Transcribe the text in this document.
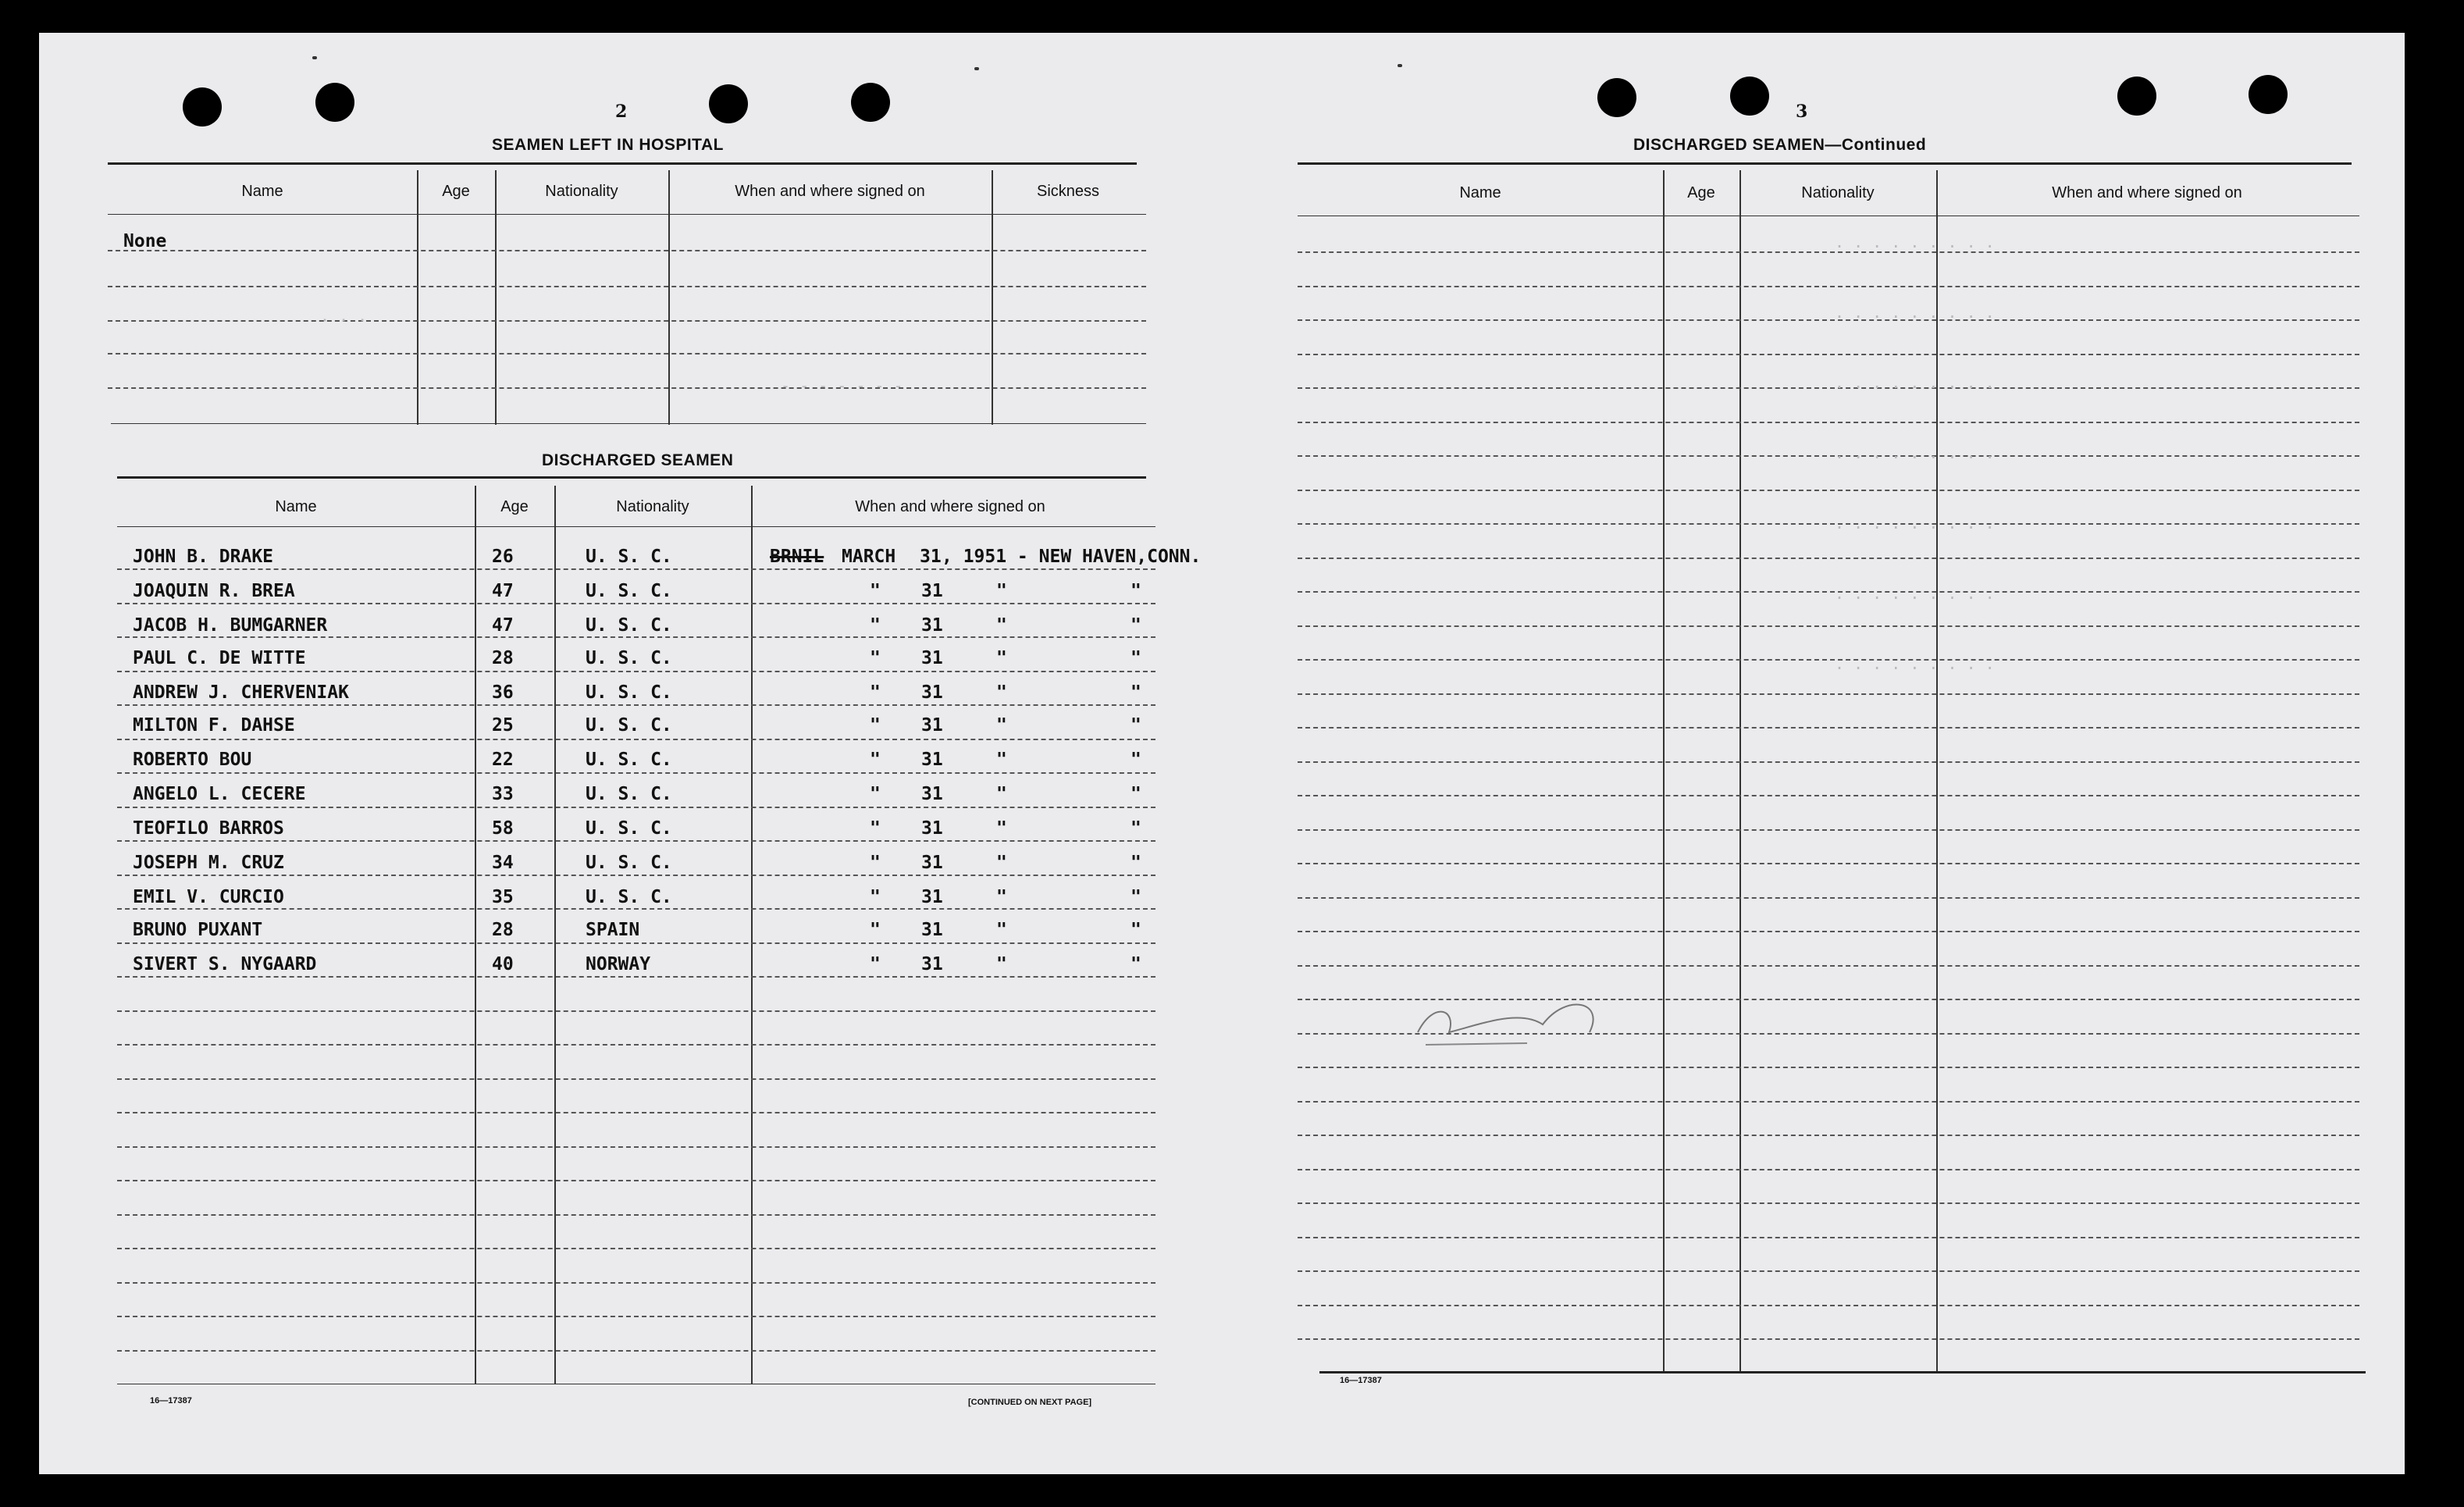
2
SEAMEN LEFT IN HOSPITAL
Name	Age	Nationality	When and where signed on	Sickness
None
DISCHARGED SEAMEN
Name	Age	Nationality	When and where signed on
JOHN B. DRAKE	26	U. S. C.	BRNIL MARCH 31 , 1951 - NEW HAVEN,CONN.
JOAQUIN R. BREA	47	U. S. C.	" 31	"	"
JACOB H. BUMGARNER	47	U. S. C.	" 31	"	"
PAUL C. DE WITTE	28	U. S. C.	" 31	"	"
ANDREW J. CHERVENIAK	36	U. S. C.	" 31	"	"
MILTON F. DAHSE	25	U. S. C.	" 31	"	"
ROBERTO BOU	22	U. S. C.	" 31	"	"
ANGELO L. CECERE	33	U. S. C.	" 31	"	"
TEOFILO BARROS	58	U. S. C.	" 31	"	"
JOSEPH M. CRUZ	34	U. S. C.	" 31	"	"
EMIL V. CURCIO	35	U. S. C.	" 31	"	"
BRUNO PUXANT	28	SPAIN	" 31	"	"
SIVERT S. NYGAARD	40	NORWAY	" 31	"	"
16—17387	[CONTINUED ON NEXT PAGE]
· · ·
- - - - - - -
3
DISCHARGED SEAMEN—Continued
Name	Age	Nationality	When and where signed on
16—17387
. . . . . . . . .
. . . . . . . . .
. . . . . . . . .
. . . . . . . . .
. . . . . . . . .
. . . . . . . . .
. . . . . . . . .
